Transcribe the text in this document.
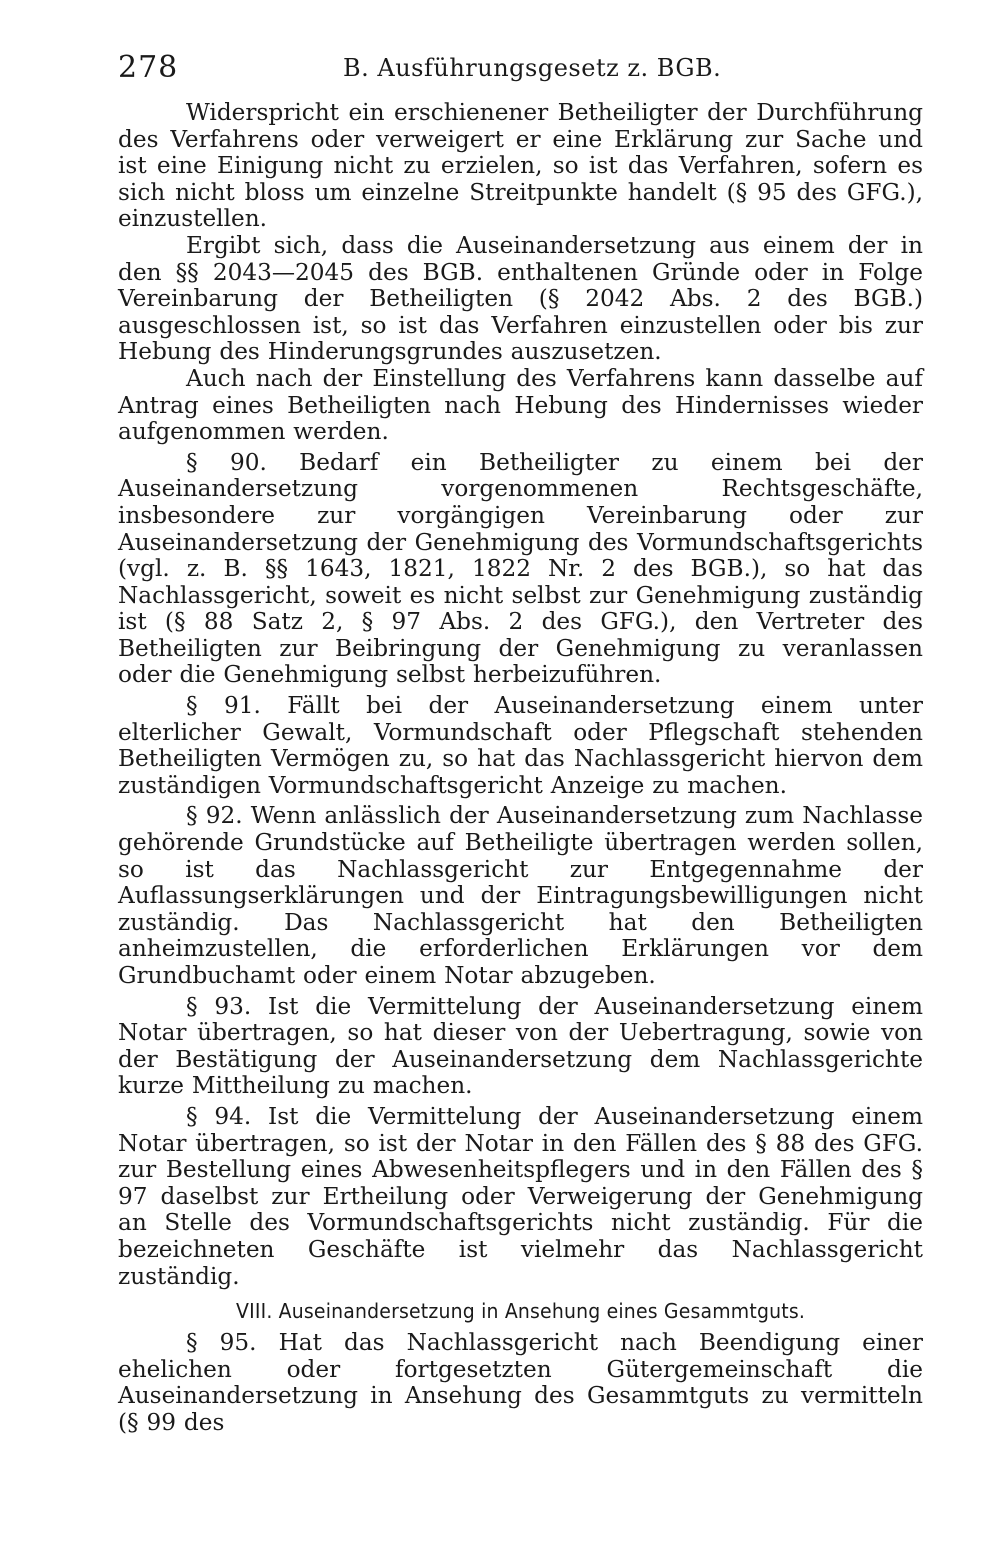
278	B. Ausführungsgesetz z. BGB.

Widerspricht ein erschienener Betheiligter der Durchführung des Verfahrens oder verweigert er eine Erklärung zur Sache und ist eine Einigung nicht zu erzielen, so ist das Verfahren, sofern es sich nicht bloss um einzelne Streitpunkte handelt (§ 95 des GFG.), einzustellen.

Ergibt sich, dass die Auseinandersetzung aus einem der in den §§ 2043—2045 des BGB. enthaltenen Gründe oder in Folge Vereinbarung der Betheiligten (§ 2042 Abs. 2 des BGB.) ausgeschlossen ist, so ist das Verfahren einzustellen oder bis zur Hebung des Hinderungsgrundes auszusetzen.

Auch nach der Einstellung des Verfahrens kann dasselbe auf Antrag eines Betheiligten nach Hebung des Hindernisses wieder aufgenommen werden.

§ 90. Bedarf ein Betheiligter zu einem bei der Auseinandersetzung vorgenommenen Rechtsgeschäfte, insbesondere zur vorgängigen Vereinbarung oder zur Auseinandersetzung der Genehmigung des Vormundschaftsgerichts (vgl. z. B. §§ 1643, 1821, 1822 Nr. 2 des BGB.), so hat das Nachlassgericht, soweit es nicht selbst zur Genehmigung zuständig ist (§ 88 Satz 2, § 97 Abs. 2 des GFG.), den Vertreter des Betheiligten zur Beibringung der Genehmigung zu veranlassen oder die Genehmigung selbst herbeizuführen.

§ 91. Fällt bei der Auseinandersetzung einem unter elterlicher Gewalt, Vormundschaft oder Pflegschaft stehenden Betheiligten Vermögen zu, so hat das Nachlassgericht hiervon dem zuständigen Vormundschaftsgericht Anzeige zu machen.

§ 92. Wenn anlässlich der Auseinandersetzung zum Nachlasse gehörende Grundstücke auf Betheiligte übertragen werden sollen, so ist das Nachlassgericht zur Entgegennahme der Auflassungserklärungen und der Eintragungsbewilligungen nicht zuständig. Das Nachlassgericht hat den Betheiligten anheimzustellen, die erforderlichen Erklärungen vor dem Grundbuchamt oder einem Notar abzugeben.

§ 93. Ist die Vermittelung der Auseinandersetzung einem Notar übertragen, so hat dieser von der Uebertragung, sowie von der Bestätigung der Auseinandersetzung dem Nachlassgerichte kurze Mittheilung zu machen.

§ 94. Ist die Vermittelung der Auseinandersetzung einem Notar übertragen, so ist der Notar in den Fällen des § 88 des GFG. zur Bestellung eines Abwesenheitspflegers und in den Fällen des § 97 daselbst zur Ertheilung oder Verweigerung der Genehmigung an Stelle des Vormundschaftsgerichts nicht zuständig. Für die bezeichneten Geschäfte ist vielmehr das Nachlassgericht zuständig.

VIII. Auseinandersetzung in Ansehung eines Gesammtguts.

§ 95. Hat das Nachlassgericht nach Beendigung einer ehelichen oder fortgesetzten Gütergemeinschaft die Auseinandersetzung in Ansehung des Gesammtguts zu vermitteln (§ 99 des
